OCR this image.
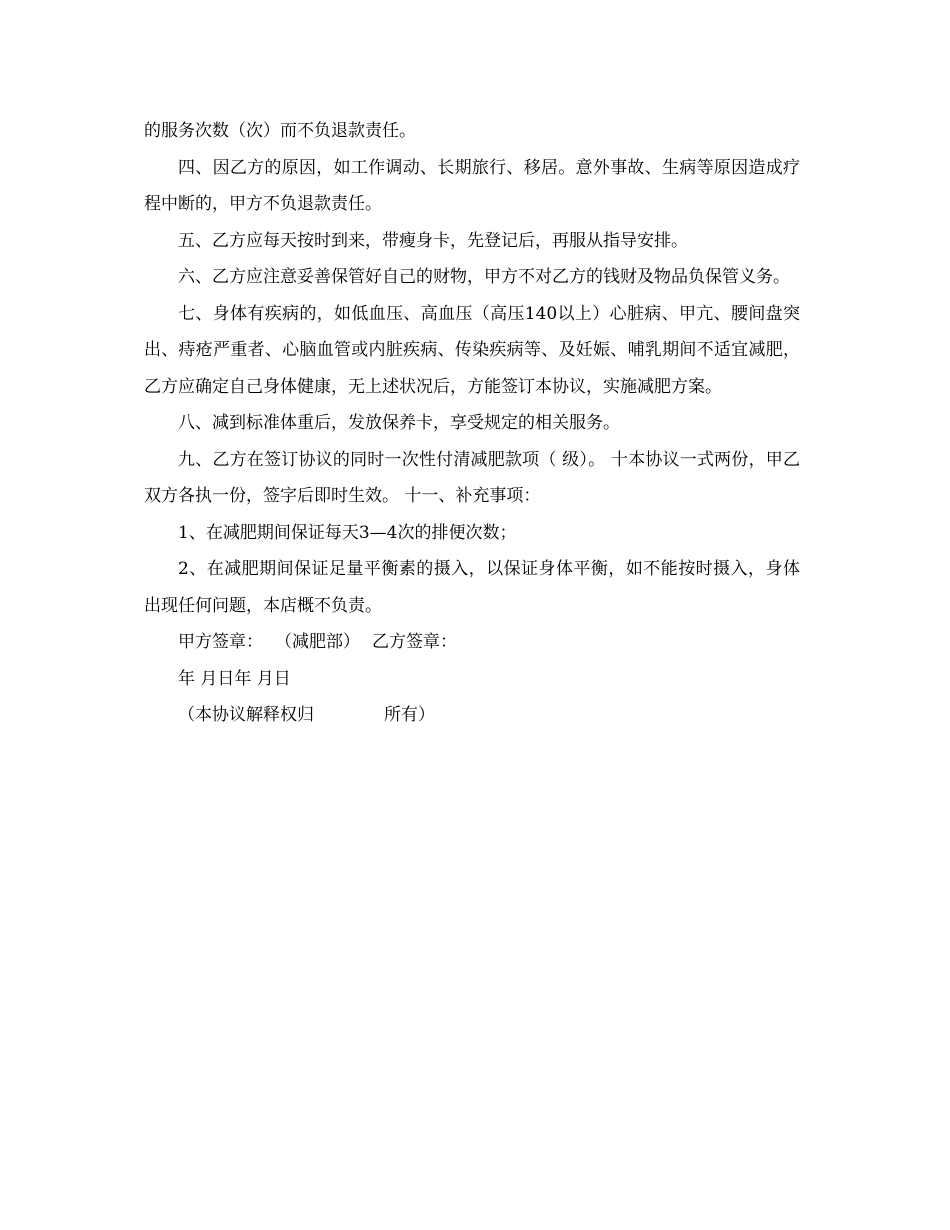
的服务次数（次）而不负退款责任。

四、因乙方的原因，如工作调动、长期旅行、移居。意外事故、生病等原因造成疗程中断的，甲方不负退款责任。

五、乙方应每天按时到来，带瘦身卡，先登记后，再服从指导安排。

六、乙方应注意妥善保管好自己的财物，甲方不对乙方的钱财及物品负保管义务。

七、身体有疾病的，如低血压、高血压（高压140以上）心脏病、甲亢、腰间盘突出、痔疮严重者、心脑血管或内脏疾病、传染疾病等、及妊娠、哺乳期间不适宜减肥，乙方应确定自己身体健康，无上述状况后，方能签订本协议，实施减肥方案。

八、减到标准体重后，发放保养卡，享受规定的相关服务。

九、乙方在签订协议的同时一次性付清减肥款项（ 级）。 十本协议一式两份，甲乙双方各执一份，签字后即时生效。 十一、补充事项：

1、在减肥期间保证每天3—4次的排便次数；

2、在减肥期间保证足量平衡素的摄入，以保证身体平衡，如不能按时摄入，身体出现任何问题，本店概不负责。

甲方签章： （减肥部） 乙方签章：

年 月日年 月日

（本协议解释权归	所有）
